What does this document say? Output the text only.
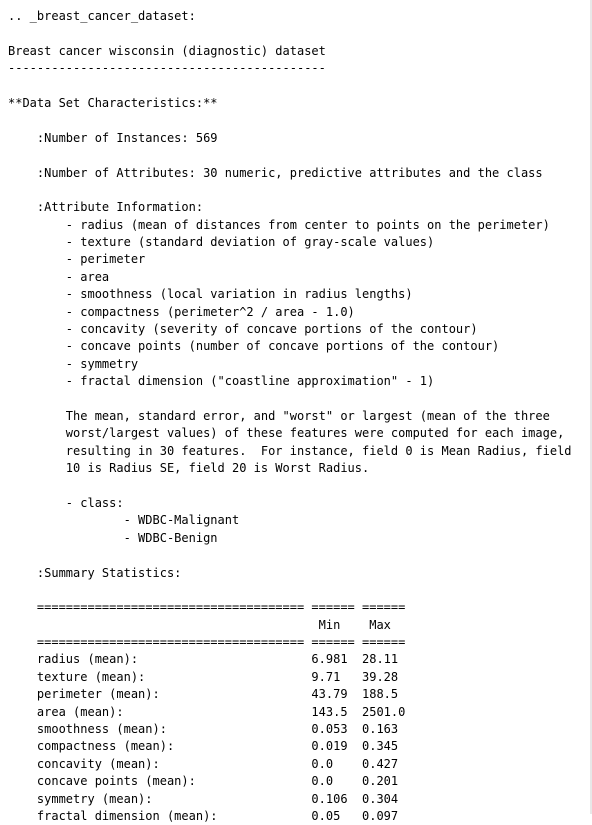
.. _breast_cancer_dataset:
Breast cancer wisconsin (diagnostic) dataset
--------------------------------------------
**Data Set Characteristics:**
:Number of Instances: 569
:Number of Attributes: 30 numeric, predictive attributes and the class
:Attribute Information:
- radius (mean of distances from center to points on the perimeter)
- texture (standard deviation of gray-scale values)
- perimeter
- area
- smoothness (local variation in radius lengths)
- compactness (perimeter^2 / area - 1.0)
- concavity (severity of concave portions of the contour)
- concave points (number of concave portions of the contour)
- symmetry
- fractal dimension ("coastline approximation" - 1)
The mean, standard error, and "worst" or largest (mean of the three
worst/largest values) of these features were computed for each image,
resulting in 30 features.  For instance, field 0 is Mean Radius, field
10 is Radius SE, field 20 is Worst Radius.
- class:
- WDBC-Malignant
- WDBC-Benign
:Summary Statistics:
===================================== ====== ======
Min    Max
===================================== ====== ======
radius (mean):                        6.981  28.11
texture (mean):                       9.71   39.28
perimeter (mean):                     43.79  188.5
area (mean):                          143.5  2501.0
smoothness (mean):                    0.053  0.163
compactness (mean):                   0.019  0.345
concavity (mean):                     0.0    0.427
concave points (mean):                0.0    0.201
symmetry (mean):                      0.106  0.304
fractal dimension (mean):             0.05   0.097
